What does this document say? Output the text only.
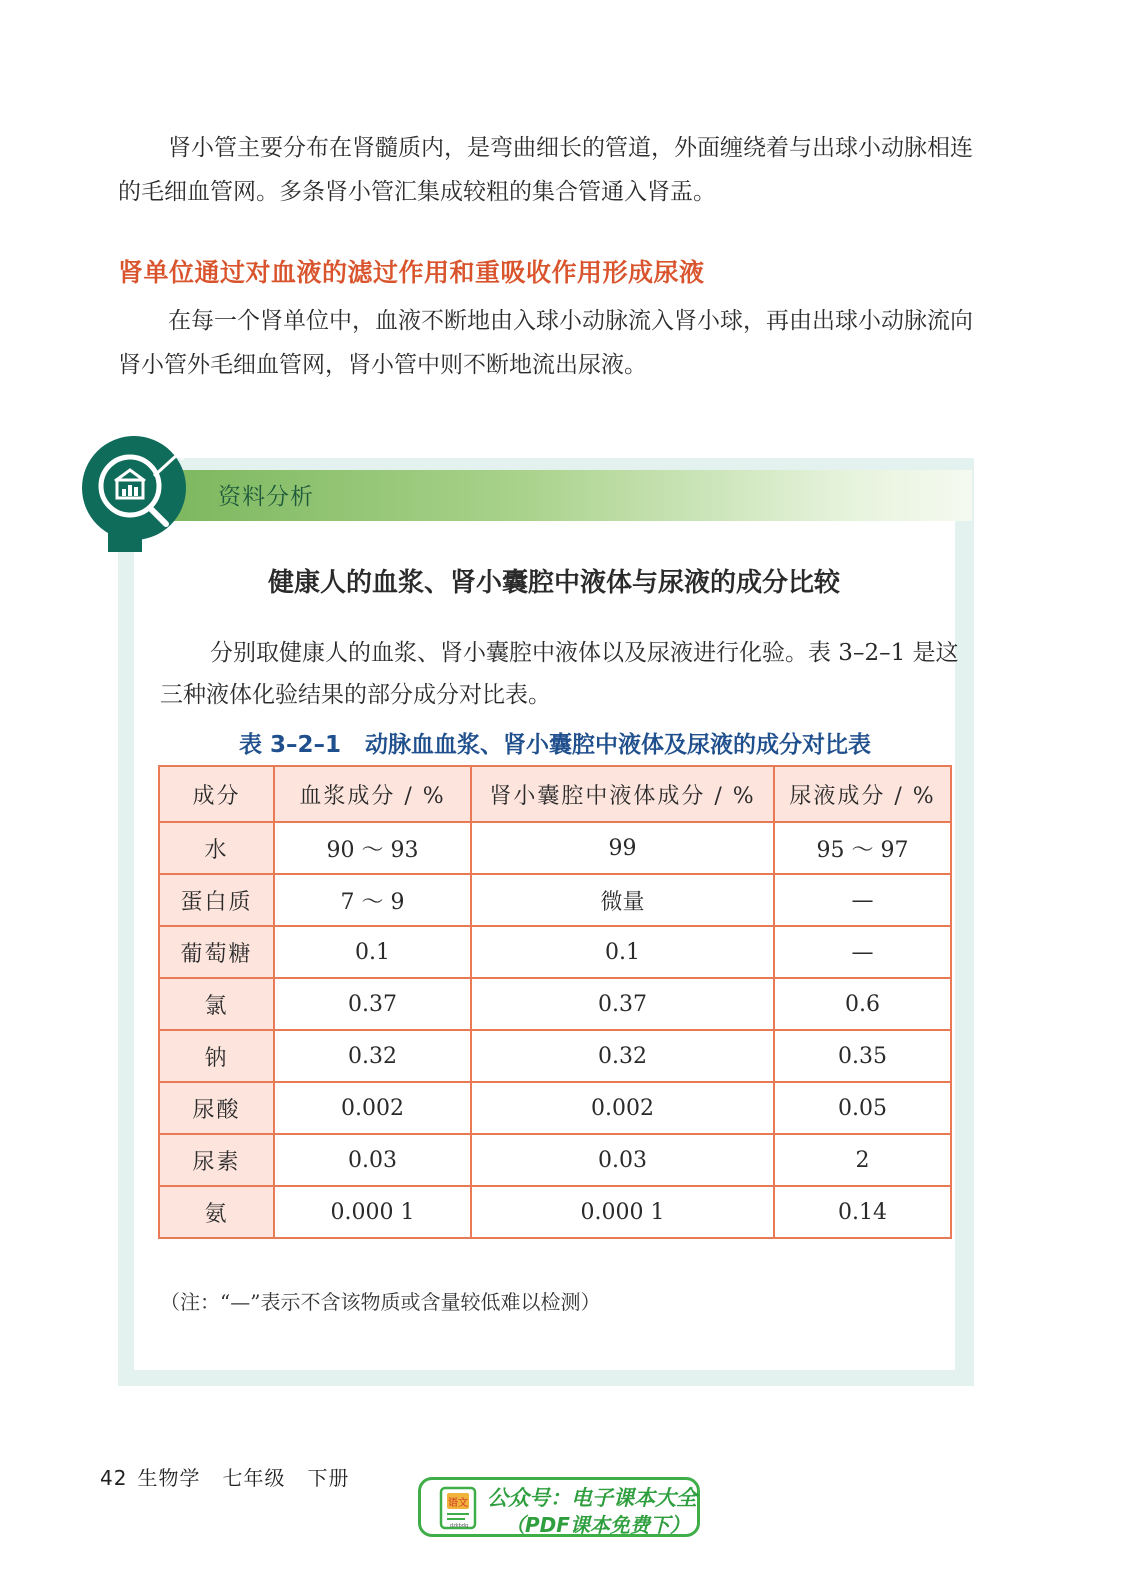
肾小管主要分布在肾髓质内，是弯曲细长的管道，外面缠绕着与出球小动脉相连的毛细血管网。多条肾小管汇集成较粗的集合管通入肾盂。

肾单位通过对血液的滤过作用和重吸收作用形成尿液

在每一个肾单位中，血液不断地由入球小动脉流入肾小球，再由出球小动脉流向肾小管外毛细血管网，肾小管中则不断地流出尿液。

资料分析
健康人的血浆、肾小囊腔中液体与尿液的成分比较

分别取健康人的血浆、肾小囊腔中液体以及尿液进行化验。表 3–2–1 是这三种液体化验结果的部分成分对比表。

表 3–2–1 动脉血血浆、肾小囊腔中液体及尿液的成分对比表
成分	血浆成分 / %	肾小囊腔中液体成分 / %	尿液成分 / %
水	90 ～ 93	99	95 ～ 97
蛋白质	7 ～ 9	微量	—
葡萄糖	0.1	0.1	—
氯	0.37	0.37	0.6
钠	0.32	0.32	0.35
尿酸	0.002	0.002	0.05
尿素	0.03	0.03	2
氨	0.000 1	0.000 1	0.14
（注：“—”表示不含该物质或含量较低难以检测）
42 生物学 七年级 下册
语文
dzkbdq
公众号：电子课本大全
（PDF课本免费下）
